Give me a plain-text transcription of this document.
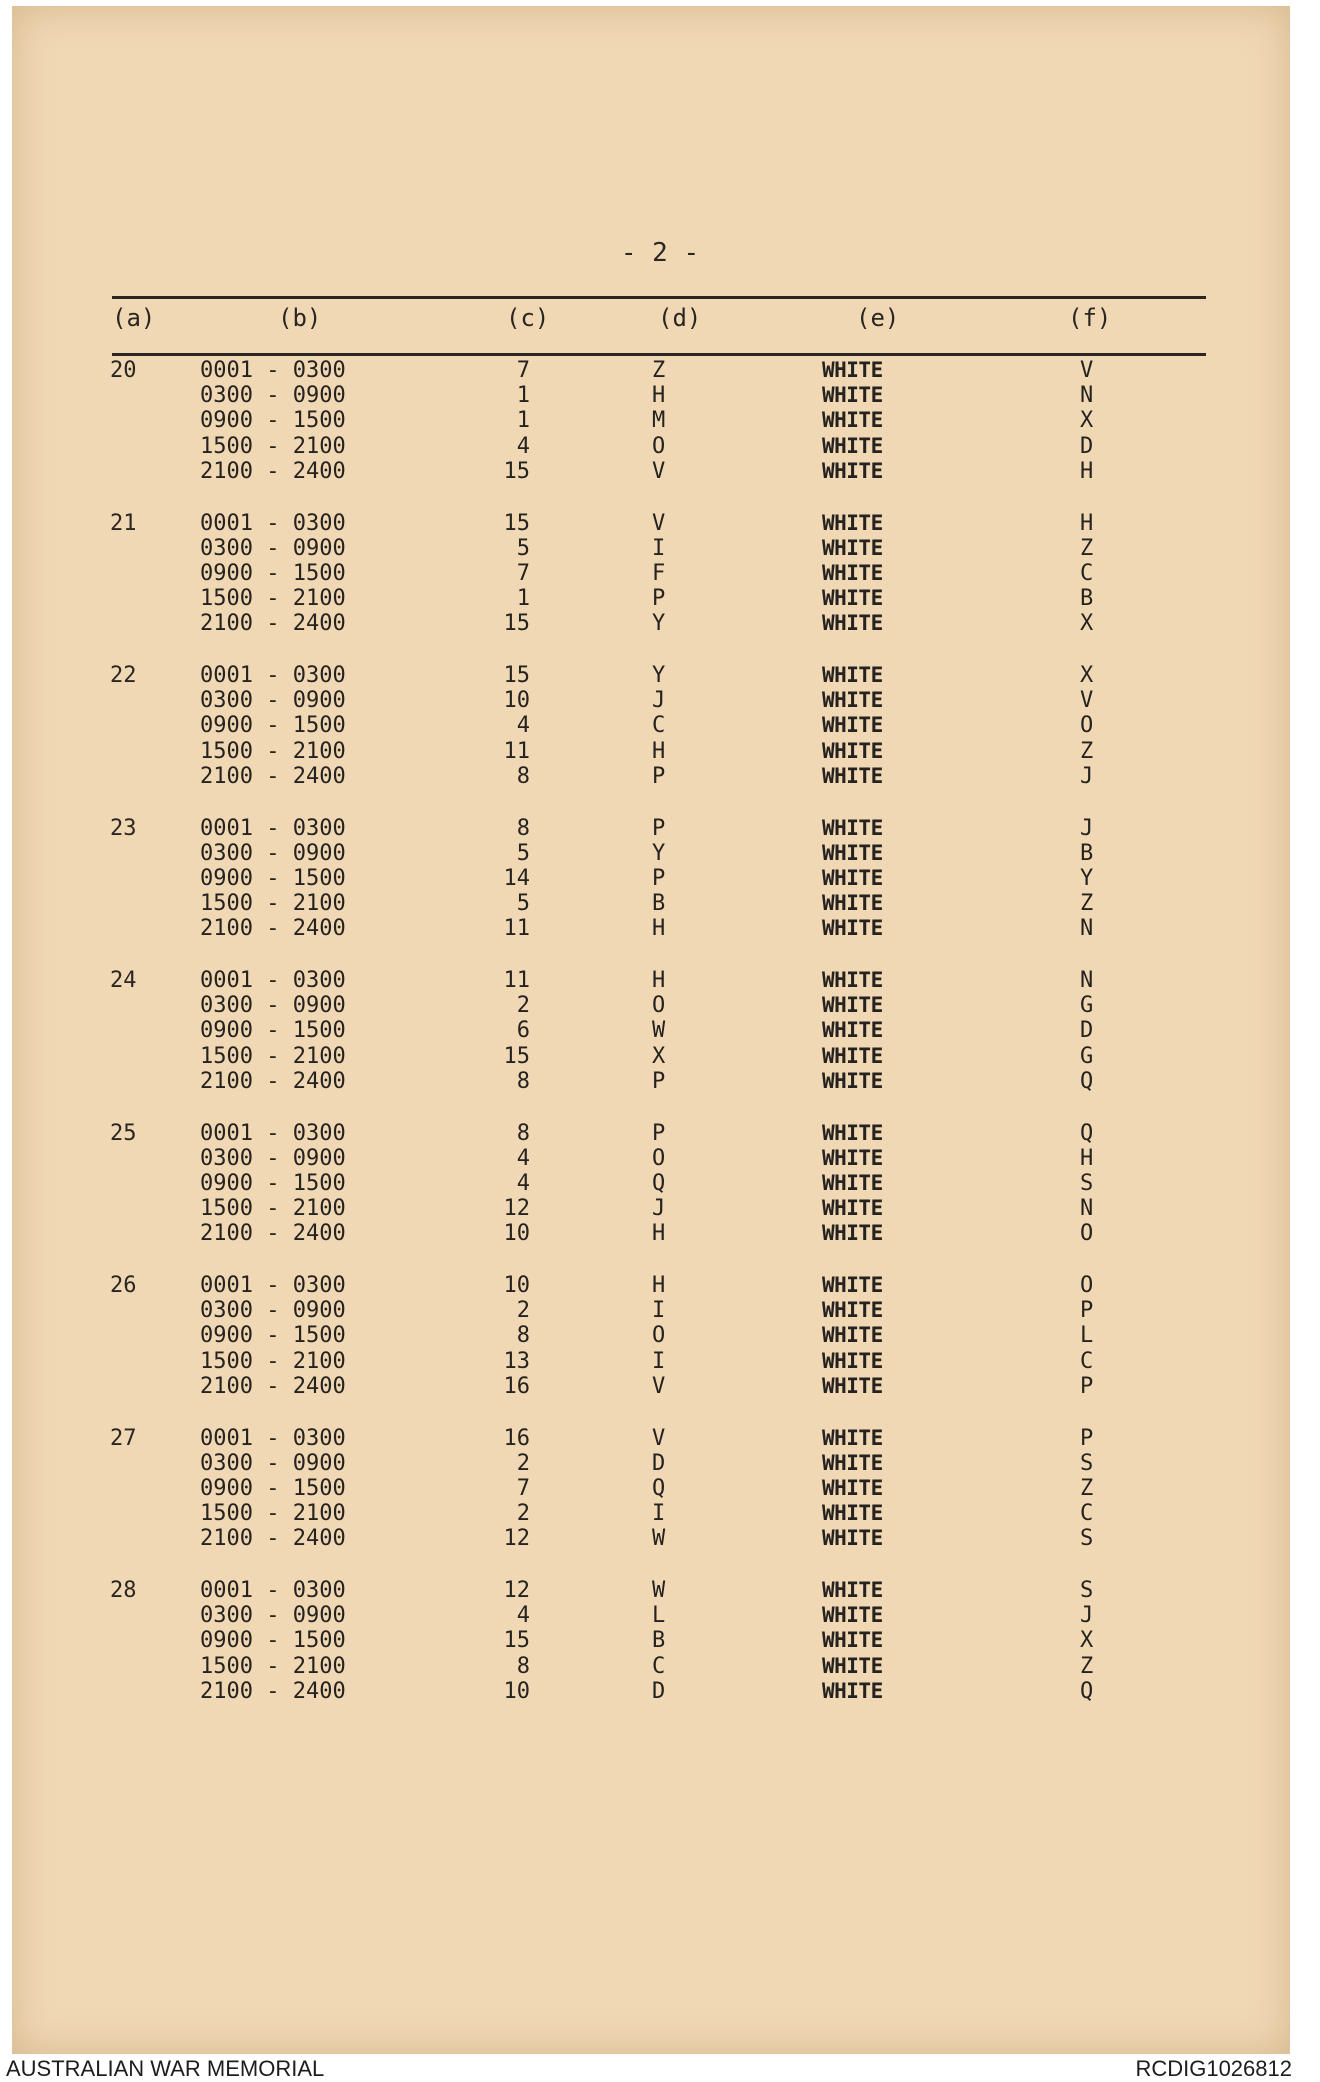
- 2 -
(a)	(b)	(c)	(d)	(e)	(f)
20	0001 - 0300	7	Z	WHITE	V
0300 - 0900	1	H	WHITE	N
0900 - 1500	1	M	WHITE	X
1500 - 2100	4	O	WHITE	D
2100 - 2400	15	V	WHITE	H
21	0001 - 0300	15	V	WHITE	H
0300 - 0900	5	I	WHITE	Z
0900 - 1500	7	F	WHITE	C
1500 - 2100	1	P	WHITE	B
2100 - 2400	15	Y	WHITE	X
22	0001 - 0300	15	Y	WHITE	X
0300 - 0900	10	J	WHITE	V
0900 - 1500	4	C	WHITE	O
1500 - 2100	11	H	WHITE	Z
2100 - 2400	8	P	WHITE	J
23	0001 - 0300	8	P	WHITE	J
0300 - 0900	5	Y	WHITE	B
0900 - 1500	14	P	WHITE	Y
1500 - 2100	5	B	WHITE	Z
2100 - 2400	11	H	WHITE	N
24	0001 - 0300	11	H	WHITE	N
0300 - 0900	2	O	WHITE	G
0900 - 1500	6	W	WHITE	D
1500 - 2100	15	X	WHITE	G
2100 - 2400	8	P	WHITE	Q
25	0001 - 0300	8	P	WHITE	Q
0300 - 0900	4	O	WHITE	H
0900 - 1500	4	Q	WHITE	S
1500 - 2100	12	J	WHITE	N
2100 - 2400	10	H	WHITE	O
26	0001 - 0300	10	H	WHITE	O
0300 - 0900	2	I	WHITE	P
0900 - 1500	8	O	WHITE	L
1500 - 2100	13	I	WHITE	C
2100 - 2400	16	V	WHITE	P
27	0001 - 0300	16	V	WHITE	P
0300 - 0900	2	D	WHITE	S
0900 - 1500	7	Q	WHITE	Z
1500 - 2100	2	I	WHITE	C
2100 - 2400	12	W	WHITE	S
28	0001 - 0300	12	W	WHITE	S
0300 - 0900	4	L	WHITE	J
0900 - 1500	15	B	WHITE	X
1500 - 2100	8	C	WHITE	Z
2100 - 2400	10	D	WHITE	Q
AUSTRALIAN WAR MEMORIAL	RCDIG1026812
